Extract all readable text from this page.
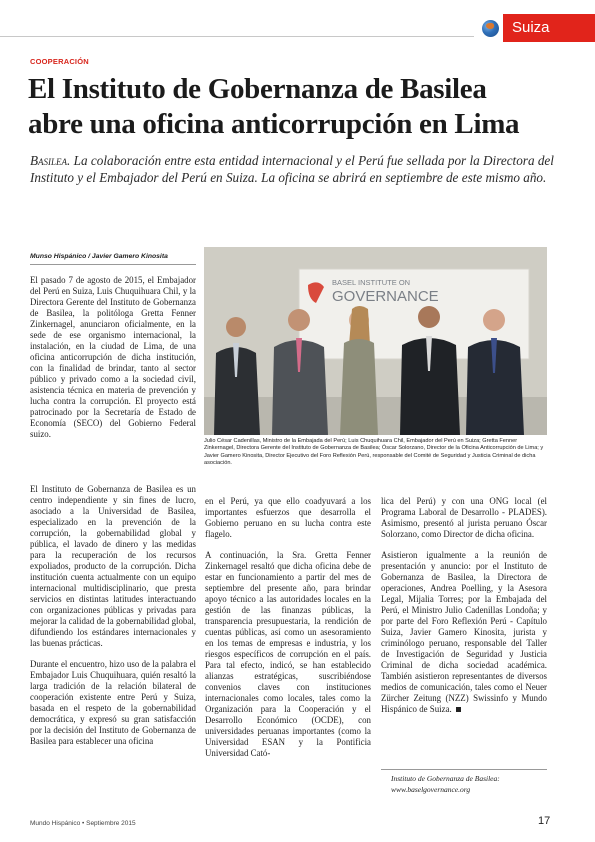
Suiza
COOPERACIÓN
El Instituto de Gobernanza de Basilea
abre una oficina anticorrupción en Lima

Basilea. La colaboración entre esta entidad internacional y el Perú fue sellada por la Directora del Instituto y el Embajador del Perú en Suiza. La oficina se abrirá en septiembre de este mismo año.

Munso Hispánico / Javier Gamero Kinosita

El pasado 7 de agosto de 2015, el Embajador del Perú en Suiza, Luis Chuquihuara Chil, y la Directora Gerente del Instituto de Gobernanza de Basilea, la politóloga Gretta Fenner Zinkernagel, anunciaron oficialmente, en la sede de ese organismo internacional, la instalación, en la ciudad de Lima, de una oficina anticorrupción de dicha institución, con la finalidad de brindar, tanto al sector público y privado como a la sociedad civil, asistencia técnica en materia de prevención y lucha contra la corrupción. El proyecto está patrocinado por la Secretaría de Estado de Economía (SECO) del Gobierno Federal suizo.

El Instituto de Gobernanza de Basilea es un centro independiente y sin fines de lucro, asociado a la Universidad de Basilea, especializado en la prevención de la corrupción, la gobernabilidad global y pública, el lavado de dinero y las medidas para la recuperación de los recursos expoliados, producto de la corrupción. Dicha institución cuenta actualmente con un equipo internacional multidisciplinario, que presta servicios en distintas latitudes interactuando con organizaciones públicas y privadas para mejorar la calidad de la gobernabilidad global, difundiendo los estándares internacionales y las buenas prácticas.

Durante el encuentro, hizo uso de la palabra el Embajador Luis Chuquihuara, quién resaltó la larga tradición de la relación bilateral de cooperación existente entre Perú y Suiza, basada en el respeto de la gobernabilidad democrática, y expresó su gran satisfacción por la decisión del Instituto de Gobernanza de Basilea para establecer una oficina

BASEL INSTITUTE ON
GOVERNANCE

Julio César Cadenillas, Ministro de la Embajada del Perú; Luis Chuquihuara Chil, Embajador del Perú en Suiza; Gretta Fenner Zinkernagel, Directora Gerente del Instituto de Gobernanza de Basilea; Óscar Solorzano, Director de la Oficina Anticorrupción de Lima; y Javier Gamero Kinosita, Director Ejecutivo del Foro Reflexión Perú, responsable del Comité de Seguridad y Justicia Criminal de dicha asociación.

en el Perú, ya que ello coadyuvará a los importantes esfuerzos que desarrolla el Gobierno peruano en su lucha contra este flagelo.

A continuación, la Sra. Gretta Fenner Zinkernagel resaltó que dicha oficina debe de estar en funcionamiento a partir del mes de septiembre del presente año, para brindar apoyo técnico a las autoridades locales en la gestión de las finanzas públicas, la transparencia presupuestaria, la rendición de cuentas públicas, así como un asesoramiento en los temas de empresas e industria, y los riesgos específicos de corrupción en el país. Para tal efecto, indicó, se han establecido alianzas estratégicas, suscribiéndose convenios claves con instituciones internacionales como locales, tales como la Organización para la Cooperación y el Desarrollo Económico (OCDE), con universidades peruanas importantes (como la Universidad ESAN y la Pontificia Universidad Cató-

lica del Perú) y con una ONG local (el Programa Laboral de Desarrollo - PLADES). Asimismo, presentó al jurista peruano Óscar Solorzano, como Director de dicha oficina.

Asistieron igualmente a la reunión de presentación y anuncio: por el Instituto de Gobernanza de Basilea, la Directora de operaciones, Andrea Poelling, y la Asesora Legal, Mijalia Torres; por la Embajada del Perú, el Ministro Julio Cadenillas Londoña; y por parte del Foro Reflexión Perú - Capítulo Suiza, Javier Gamero Kinosita, jurista y criminólogo peruano, responsable del Taller de Investigación de Seguridad y Justicia Criminal de dicha sociedad académica. También asistieron representantes de diversos medios de comunicación, tales como el Neuer Zürcher Zeitung (NZZ) Swissinfo y Mundo Hispánico de Suiza.

Instituto de Gobernanza de Basilea:
www.baselgovernance.org
Mundo Hispánico • Septiembre 2015	17
